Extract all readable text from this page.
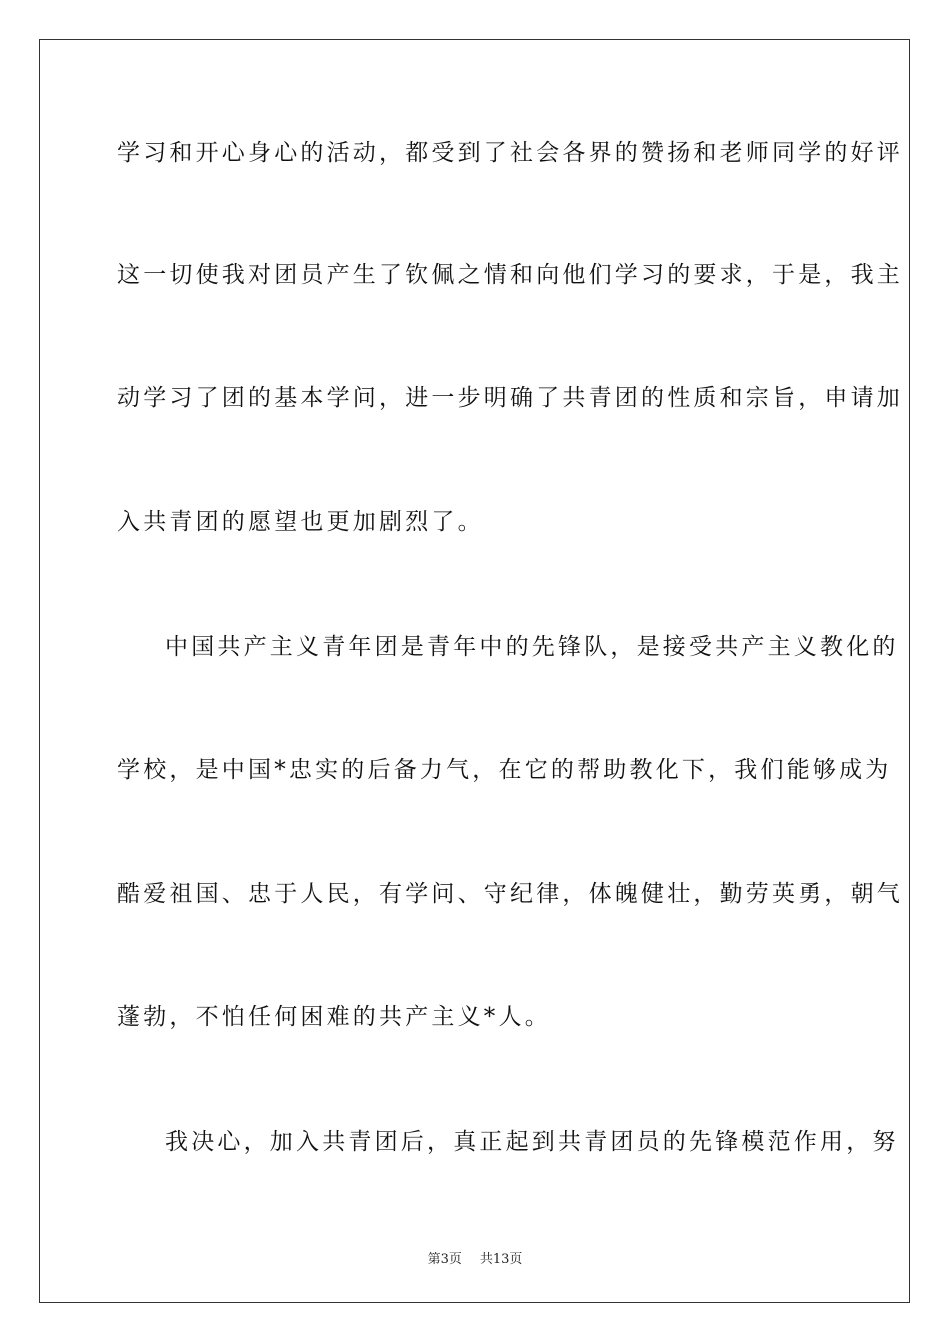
学习和开心身心的活动，都受到了社会各界的赞扬和老师同学的好评
这一切使我对团员产生了钦佩之情和向他们学习的要求，于是，我主
动学习了团的基本学问，进一步明确了共青团的性质和宗旨，申请加
入共青团的愿望也更加剧烈了。
中国共产主义青年团是青年中的先锋队，是接受共产主义教化的
学校，是中国*忠实的后备力气，在它的帮助教化下，我们能够成为
酷爱祖国、忠于人民，有学问、守纪律，体魄健壮，勤劳英勇，朝气
蓬勃，不怕任何困难的共产主义*人。
我决心，加入共青团后，真正起到共青团员的先锋模范作用，努
第3页 共13页
